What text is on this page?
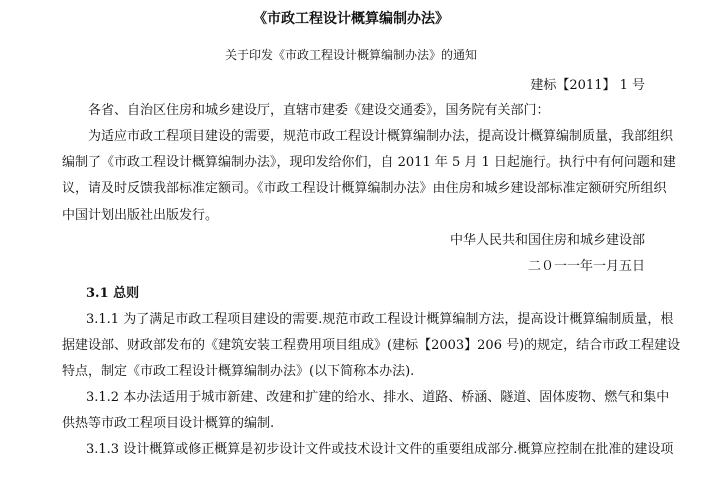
《市政工程设计概算编制办法》
关于印发《市政工程设计概算编制办法》的通知
建标【2011】 1 号
各省、自治区住房和城乡建设厅，直辖市建委《建设交通委》，国务院有关部门：
为适应市政工程项目建设的需要，规范市政工程设计概算编制办法，提高设计概算编制质量，我部组织
编制了《市政工程设计概算编制办法》，现印发给你们，自 2011 年 5 月 1 日起施行。执行中有何问题和建
议，请及时反馈我部标准定额司。《市政工程设计概算编制办法》由住房和城乡建设部标准定额研究所组织
中国计划出版社出版发行。
中华人民共和国住房和城乡建设部
二０一一年一月五日
3.1 总则
3.1.1 为了满足市政工程项目建设的需要.规范市政工程设计概算编制方法，提高设计概算编制质量，根
据建设部、财政部发布的《建筑安装工程费用项目组成》(建标【2003】206 号)的规定，结合市政工程建设
特点，制定《市政工程设计概算编制办法》(以下简称本办法).
3.1.2 本办法适用于城市新建、改建和扩建的给水、排水、道路、桥涵、隧道、固体废物、燃气和集中
供热等市政工程项目设计概算的编制.
3.1.3 设计概算或修正概算是初步设计文件或技术设计文件的重要组成部分.概算应控制在批准的建设项
